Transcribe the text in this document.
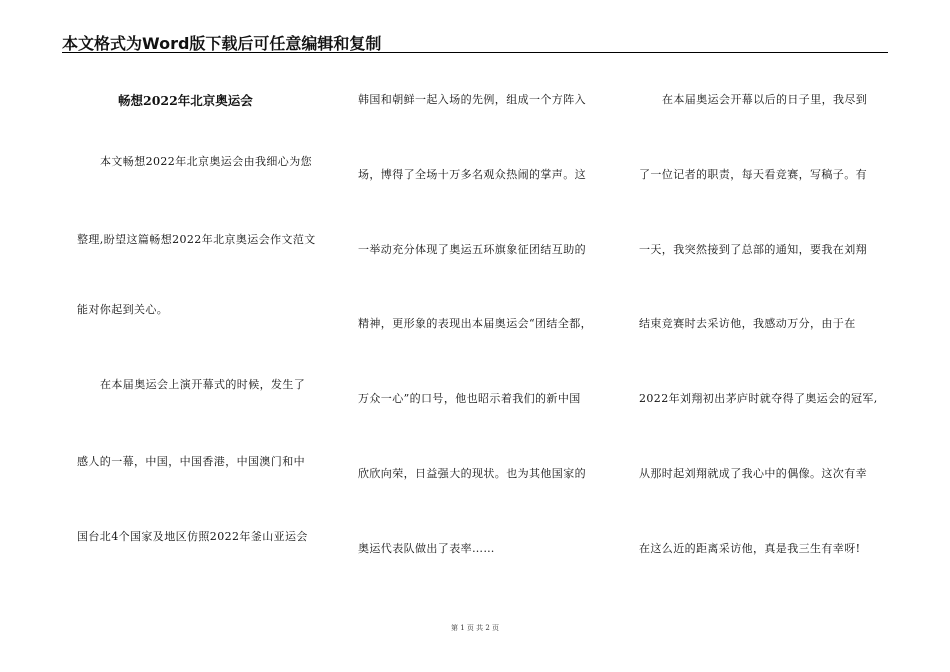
本文格式为Word版下载后可任意编辑和复制
畅想2022年北京奥运会
本文畅想2022年北京奥运会由我细心为您
整理,盼望这篇畅想2022年北京奥运会作文范文
能对你起到关心。
在本届奥运会上演开幕式的时候，发生了
感人的一幕，中国，中国香港，中国澳门和中
国台北4个国家及地区仿照2022年釜山亚运会
韩国和朝鲜一起入场的先例，组成一个方阵入
场，博得了全场十万多名观众热闹的掌声。这
一举动充分体现了奥运五环旗象征团结互助的
精神，更形象的表现出本届奥运会“团结全都，
万众一心”的口号，他也昭示着我们的新中国
欣欣向荣，日益强大的现状。也为其他国家的
奥运代表队做出了表率……
在本届奥运会开幕以后的日子里，我尽到
了一位记者的职责，每天看竞赛，写稿子。有
一天，我突然接到了总部的通知，要我在刘翔
结束竞赛时去采访他，我感动万分，由于在
2022年刘翔初出茅庐时就夺得了奥运会的冠军,
从那时起刘翔就成了我心中的偶像。这次有幸
在这么近的距离采访他，真是我三生有幸呀!
第 1 页 共 2 页
